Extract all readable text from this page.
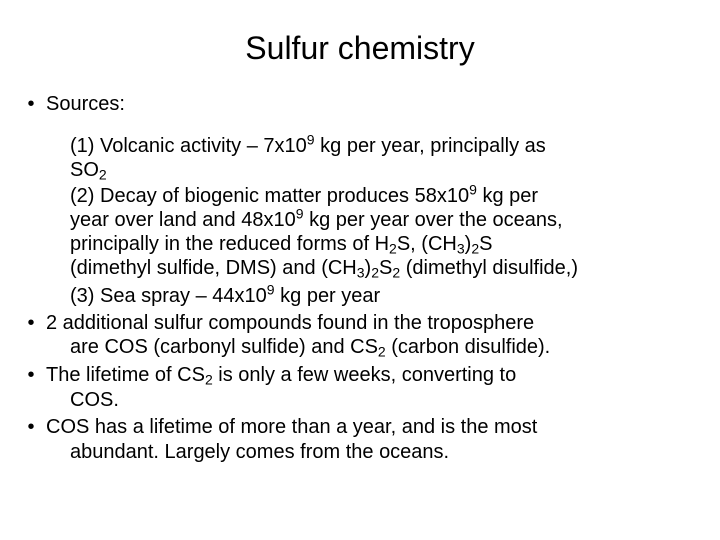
Sulfur chemistry
• Sources:
(1) Volcanic activity – $7x10^9$ kg per year, principally as
$SO_2$
(2) Decay of biogenic matter produces $58x10^9$ kg per
year over land and $48x10^9$ kg per year over the oceans,
principally in the reduced forms of $H_2S$, $(CH_3)_2S$
(dimethyl sulfide, DMS) and $(CH_3)_2S_2$ (dimethyl disulfide,)
(3) Sea spray – $44x10^9$ kg per year
• 2 additional sulfur compounds found in the troposphere
are COS (carbonyl sulfide) and $CS_2$ (carbon disulfide).
• The lifetime of $CS_2$ is only a few weeks, converting to
COS.
• COS has a lifetime of more than a year, and is the most
abundant. Largely comes from the oceans.
